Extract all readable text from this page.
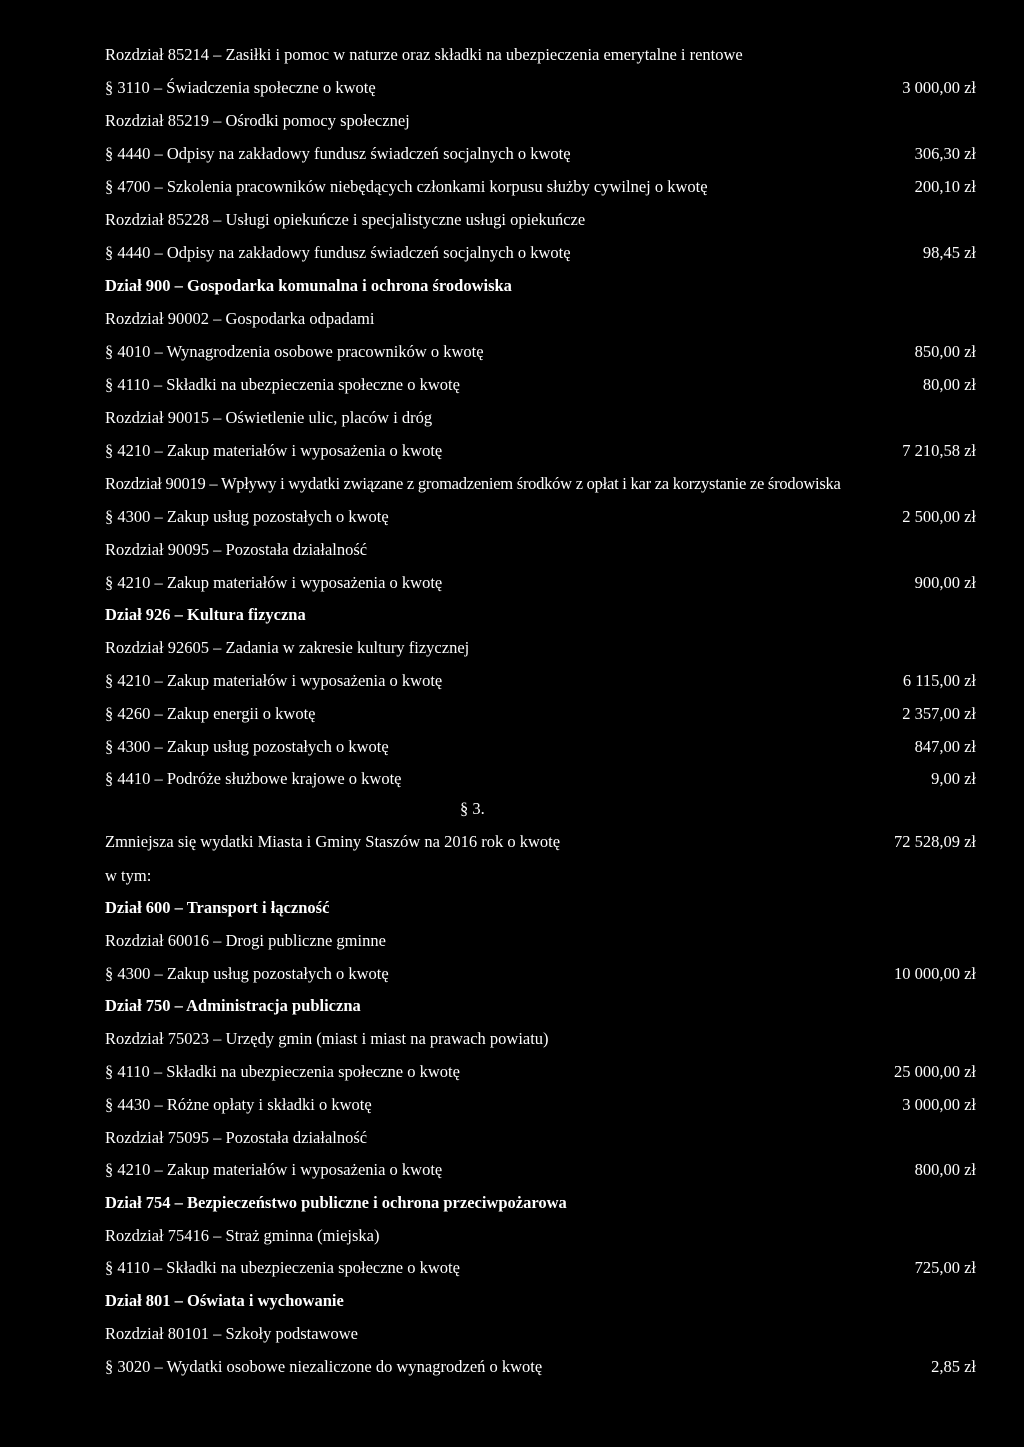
Rozdział 85214 – Zasiłki i pomoc w naturze oraz składki na ubezpieczenia emerytalne i rentowe
§ 3110 – Świadczenia społeczne o kwotę	3 000,00 zł
Rozdział 85219 – Ośrodki pomocy społecznej
§ 4440 – Odpisy na zakładowy fundusz świadczeń socjalnych o kwotę	306,30 zł
§ 4700 – Szkolenia pracowników niebędących członkami korpusu służby cywilnej o kwotę	200,10 zł
Rozdział 85228 – Usługi opiekuńcze i specjalistyczne usługi opiekuńcze
§ 4440 – Odpisy na zakładowy fundusz świadczeń socjalnych o kwotę	98,45 zł
Dział 900 – Gospodarka komunalna i ochrona środowiska
Rozdział 90002 – Gospodarka odpadami
§ 4010 – Wynagrodzenia osobowe pracowników o kwotę	850,00 zł
§ 4110 – Składki na ubezpieczenia społeczne o kwotę	80,00 zł
Rozdział 90015 – Oświetlenie ulic, placów i dróg
§ 4210 – Zakup materiałów i wyposażenia o kwotę	7 210,58 zł
Rozdział 90019 – Wpływy i wydatki związane z gromadzeniem środków z opłat i kar za korzystanie ze środowiska
§ 4300 – Zakup usług pozostałych o kwotę	2 500,00 zł
Rozdział 90095 – Pozostała działalność
§ 4210 – Zakup materiałów i wyposażenia o kwotę	900,00 zł
Dział 926 – Kultura fizyczna
Rozdział 92605 – Zadania w zakresie kultury fizycznej
§ 4210 – Zakup materiałów i wyposażenia o kwotę	6 115,00 zł
§ 4260 – Zakup energii o kwotę	2 357,00 zł
§ 4300 – Zakup usług pozostałych o kwotę	847,00 zł
§ 4410 – Podróże służbowe krajowe o kwotę	9,00 zł
§ 3.
Zmniejsza się wydatki Miasta i Gminy Staszów na 2016 rok o kwotę	72 528,09 zł
w tym:
Dział 600 – Transport i łączność
Rozdział 60016 – Drogi publiczne gminne
§ 4300 – Zakup usług pozostałych o kwotę	10 000,00 zł
Dział 750 – Administracja publiczna
Rozdział 75023 – Urzędy gmin (miast i miast na prawach powiatu)
§ 4110 – Składki na ubezpieczenia społeczne o kwotę	25 000,00 zł
§ 4430 – Różne opłaty i składki o kwotę	3 000,00 zł
Rozdział 75095 – Pozostała działalność
§ 4210 – Zakup materiałów i wyposażenia o kwotę	800,00 zł
Dział 754 – Bezpieczeństwo publiczne i ochrona przeciwpożarowa
Rozdział 75416 – Straż gminna (miejska)
§ 4110 – Składki na ubezpieczenia społeczne o kwotę	725,00 zł
Dział 801 – Oświata i wychowanie
Rozdział 80101 – Szkoły podstawowe
§ 3020 – Wydatki osobowe niezaliczone do wynagrodzeń o kwotę	2,85 zł
